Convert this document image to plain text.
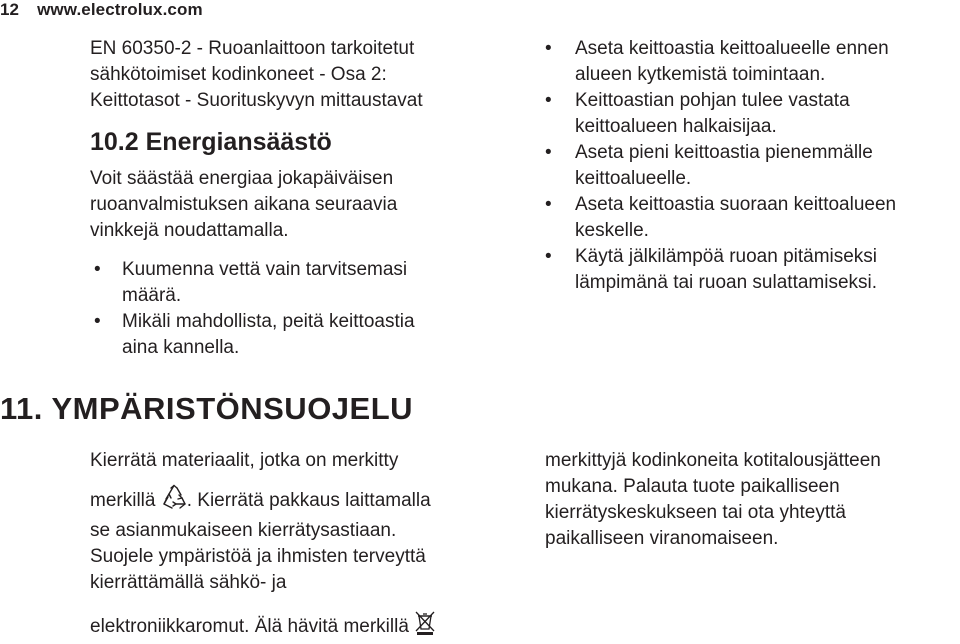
12 www.electrolux.com

EN 60350-2 - Ruoanlaittoon tarkoitetut

sähkötoimiset kodinkoneet - Osa 2:

Keittotasot - Suorituskyvyn mittaustavat

10.2 Energiansäästö

Voit säästää energiaa jokapäiväisen

ruoanvalmistuksen aikana seuraavia

vinkkejä noudattamalla.

• Kuumenna vettä vain tarvitsemasi
määrä.
• Mikäli mahdollista, peitä keittoastia
aina kannella.
• Aseta keittoastia keittoalueelle ennen
alueen kytkemistä toimintaan.
• Keittoastian pohjan tulee vastata
keittoalueen halkaisijaa.
• Aseta pieni keittoastia pienemmälle
keittoalueelle.
• Aseta keittoastia suoraan keittoalueen
keskelle.
• Käytä jälkilämpöä ruoan pitämiseksi
lämpimänä tai ruoan sulattamiseksi.
11. YMPÄRISTÖNSUOJELU

Kierrätä materiaalit, jotka on merkitty

merkillä . Kierrätä pakkaus laittamalla

se asianmukaiseen kierrätysastiaan.

Suojele ympäristöä ja ihmisten terveyttä

kierrättämällä sähkö- ja

elektroniikkaromut. Älä hävitä merkillä

merkittyjä kodinkoneita kotitalousjätteen

mukana. Palauta tuote paikalliseen

kierrätyskeskukseen tai ota yhteyttä

paikalliseen viranomaiseen.
